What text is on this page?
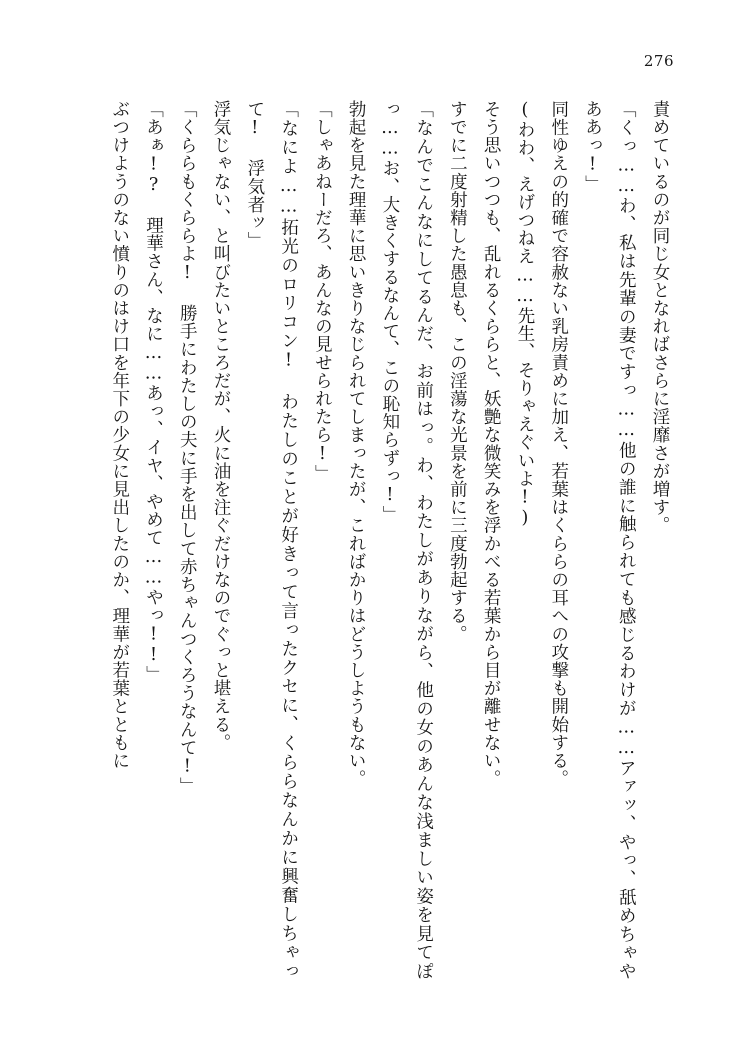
276

責めているのが同じ女となればさらに淫靡さが増す。

「くっ……わ、私は先輩の妻ですっ……他の誰に触られても感じるわけが……アァッ、やっ、舐めちゃやああっ!」

同性ゆえの的確で容赦ない乳房責めに加え、若葉はくららの耳への攻撃も開始する。

(わわ、えげつねえ……先生、そりゃえぐいよ!)

そう思いつつも、乱れるくららと、妖艶な微笑みを浮かべる若葉から目が離せない。

すでに二度射精した愚息も、この淫蕩な光景を前に三度勃起する。

「なんでこんなにしてるんだ、お前はっ。わ、わたしがありながら、他の女のあんな浅ましい姿を見てぽっ……お、大きくするなんて、この恥知らずっ!」

勃起を見た理華に思いきりなじられてしまったが、こればかりはどうしようもない。

「しゃあねーだろ、あんなの見せられたら!」

「なによ……拓光のロリコン! わたしのことが好きって言ったクセに、くららなんかに興奮しちゃって! 浮気者ッ」

浮気じゃない、と叫びたいところだが、火に油を注ぐだけなのでぐっと堪える。

「くららもくららよ! 勝手にわたしの夫に手を出して赤ちゃんつくろうなんて!」

「あぁ!? 理華さん、なに……あっ、イヤ、やめて……やっ!!」

ぶつけようのない憤りのはけ口を年下の少女に見出したのか、理華が若葉とともに
